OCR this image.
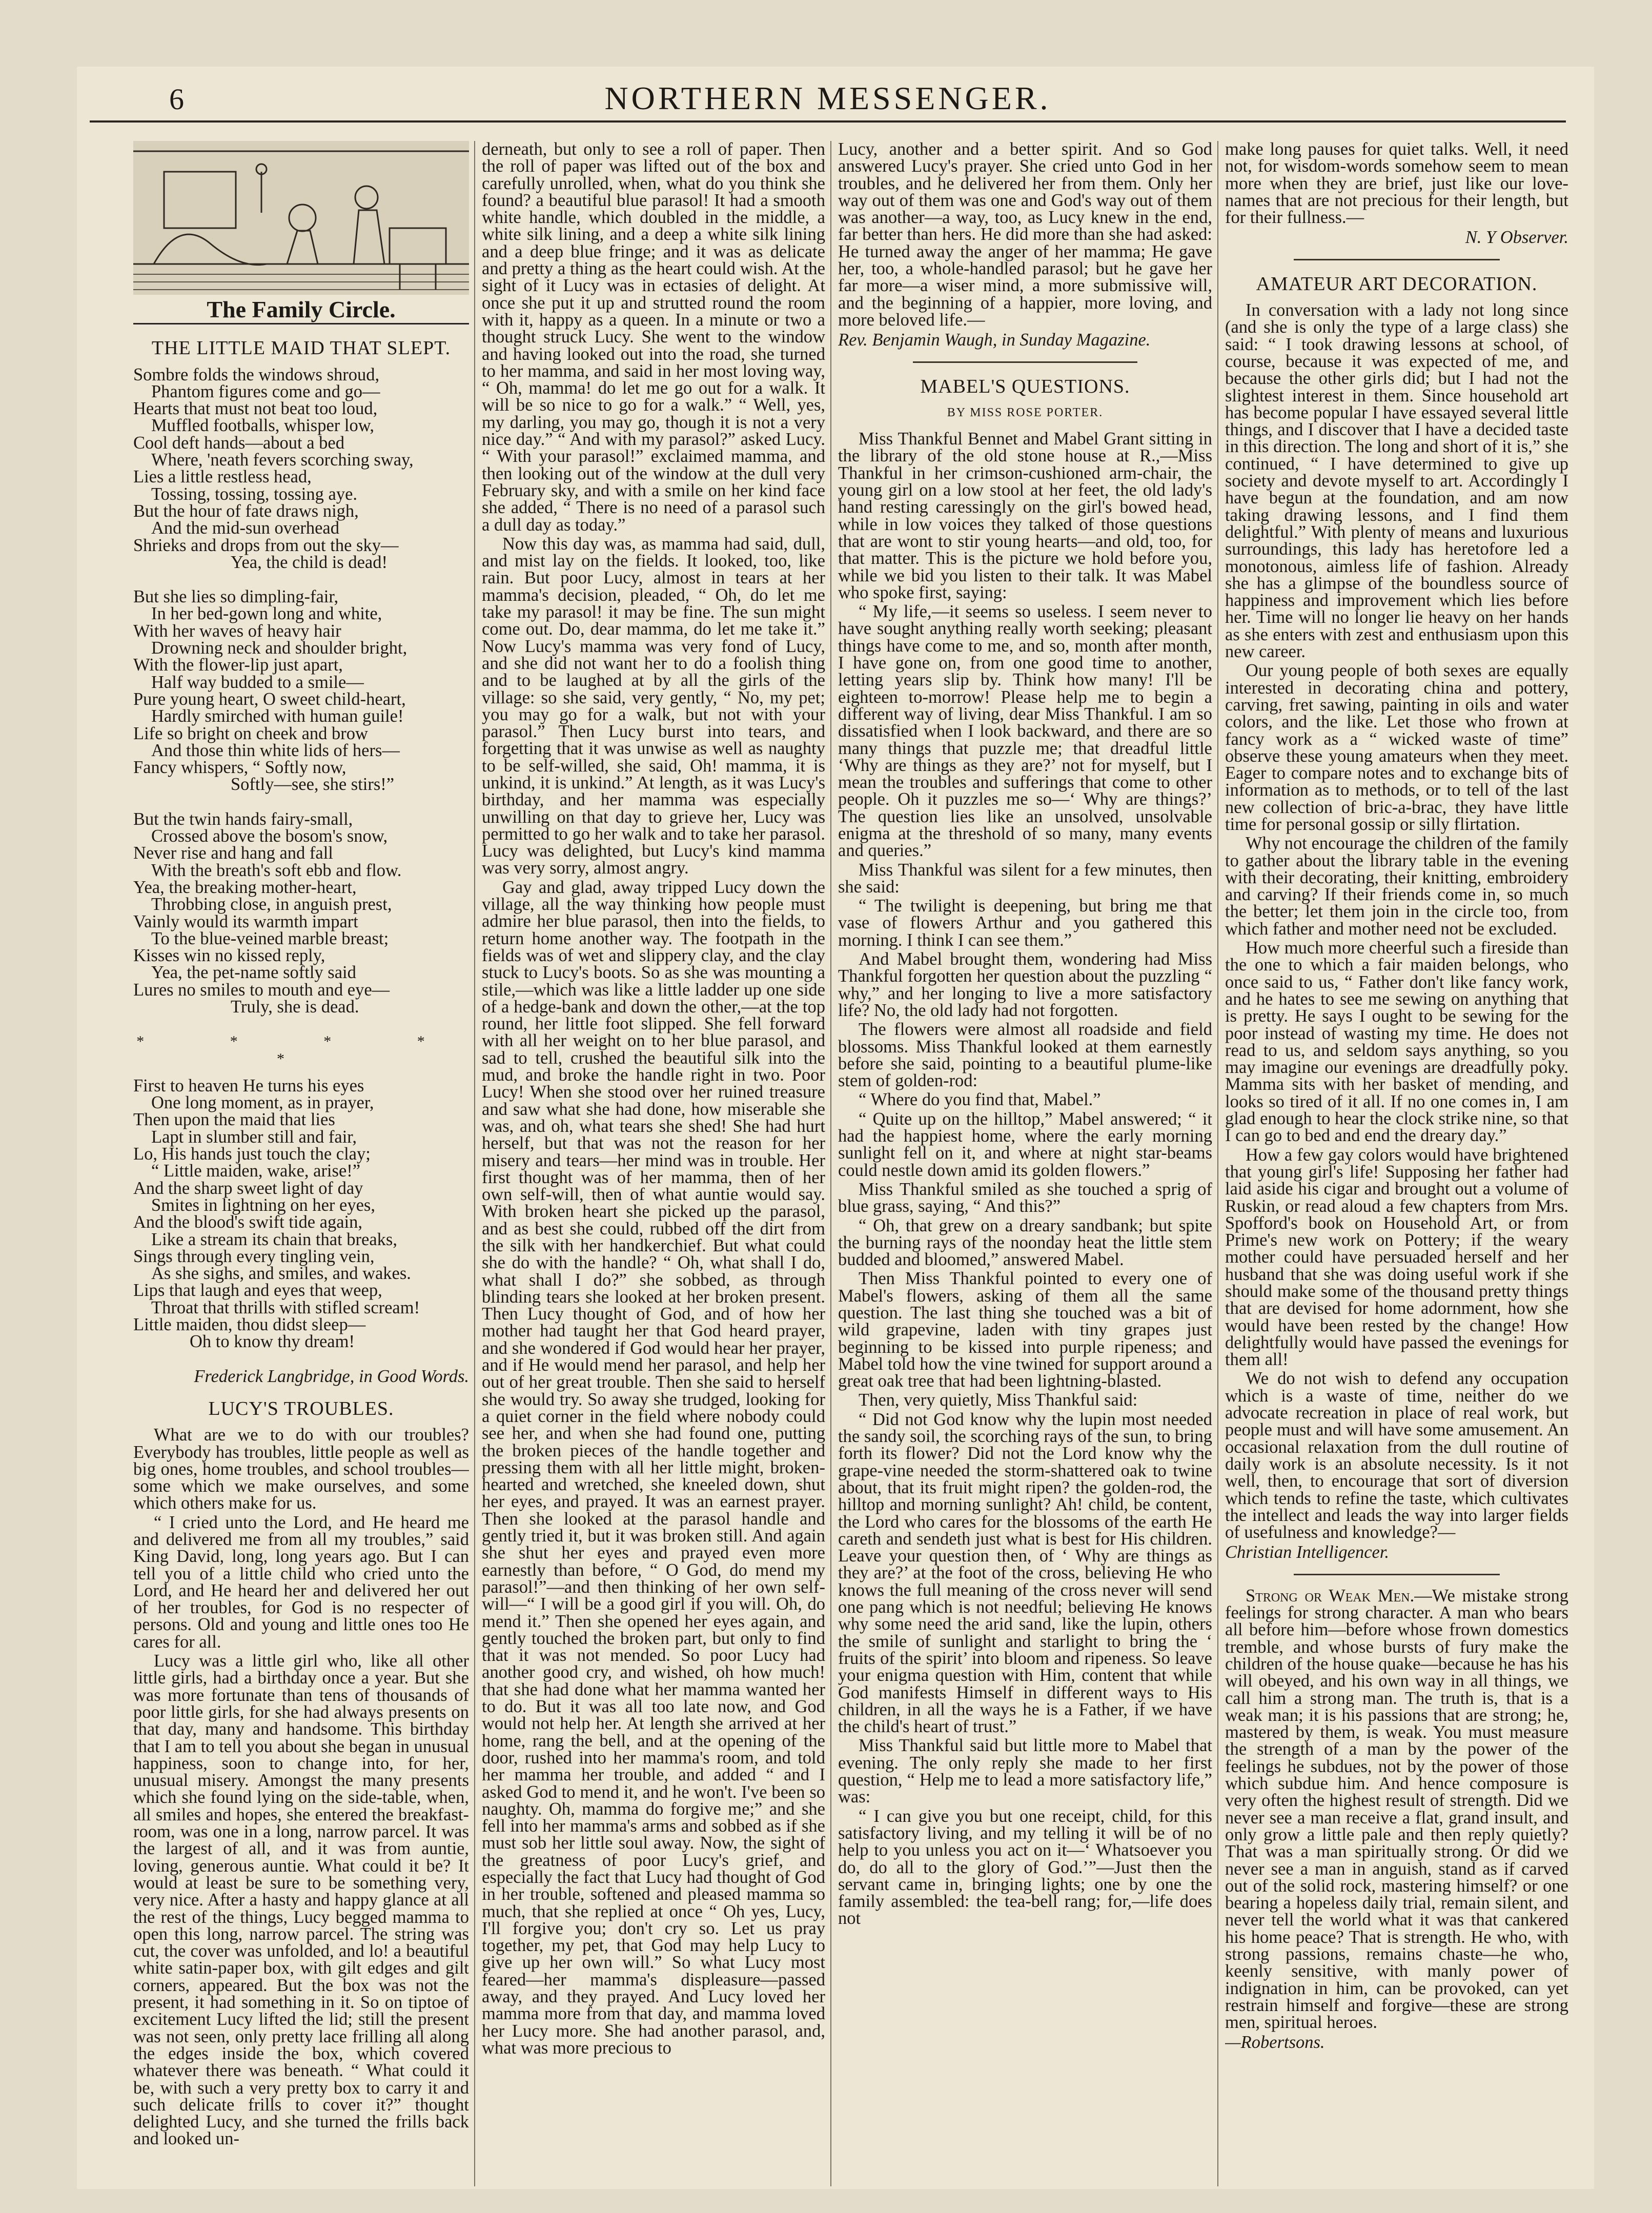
6	NORTHERN MESSENGER.
The Family Circle.
THE LITTLE MAID THAT SLEPT.
Sombre folds the windows shroud,
Phantom figures come and go—
Hearts that must not beat too loud,
Muffled footballs, whisper low,
Cool deft hands—about a bed
Where, 'neath fevers scorching sway,
Lies a little restless head,
Tossing, tossing, tossing aye.
But the hour of fate draws nigh,
And the mid-sun overhead
Shrieks and drops from out the sky—
Yea, the child is dead!
But she lies so dimpling-fair,
In her bed-gown long and white,
With her waves of heavy hair
Drowning neck and shoulder bright,
With the flower-lip just apart,
Half way budded to a smile—
Pure young heart, O sweet child-heart,
Hardly smirched with human guile!
Life so bright on cheek and brow
And those thin white lids of hers—
Fancy whispers, “ Softly now,
Softly—see, she stirs!”
But the twin hands fairy-small,
Crossed above the bosom's snow,
Never rise and hang and fall
With the breath's soft ebb and flow.
Yea, the breaking mother-heart,
Throbbing close, in anguish prest,
Vainly would its warmth impart
To the blue-veined marble breast;
Kisses win no kissed reply,
Yea, the pet-name softly said
Lures no smiles to mouth and eye—
Truly, she is dead.
* * * * *
First to heaven He turns his eyes
One long moment, as in prayer,
Then upon the maid that lies
Lapt in slumber still and fair,
Lo, His hands just touch the clay;
“ Little maiden, wake, arise!”
And the sharp sweet light of day
Smites in lightning on her eyes,
And the blood's swift tide again,
Like a stream its chain that breaks,
Sings through every tingling vein,
As she sighs, and smiles, and wakes.
Lips that laugh and eyes that weep,
Throat that thrills with stifled scream!
Little maiden, thou didst sleep—
Oh to know thy dream!
Frederick Langbridge, in Good Words.
LUCY'S TROUBLES.

What are we to do with our troubles? Everybody has troubles, little people as well as big ones, home troubles, and school troubles—some which we make ourselves, and some which others make for us.

“ I cried unto the Lord, and He heard me and delivered me from all my troubles,” said King David, long, long years ago. But I can tell you of a little child who cried unto the Lord, and He heard her and delivered her out of her troubles, for God is no respecter of persons. Old and young and little ones too He cares for all.

Lucy was a little girl who, like all other little girls, had a birthday once a year. But she was more fortunate than tens of thousands of poor little girls, for she had always presents on that day, many and handsome. This birthday that I am to tell you about she began in unusual happiness, soon to change into, for her, unusual misery. Amongst the many presents which she found lying on the side-table, when, all smiles and hopes, she entered the breakfast-room, was one in a long, narrow parcel. It was the largest of all, and it was from auntie, loving, generous auntie. What could it be? It would at least be sure to be something very, very nice. After a hasty and happy glance at all the rest of the things, Lucy begged mamma to open this long, narrow parcel. The string was cut, the cover was unfolded, and lo! a beautiful white satin-paper box, with gilt edges and gilt corners, appeared. But the box was not the present, it had something in it. So on tiptoe of excitement Lucy lifted the lid; still the present was not seen, only pretty lace frilling all along the edges inside the box, which covered whatever there was beneath. “ What could it be, with such a very pretty box to carry it and such delicate frills to cover it?” thought delighted Lucy, and she turned the frills back and looked un-

derneath, but only to see a roll of paper. Then the roll of paper was lifted out of the box and carefully unrolled, when, what do you think she found? a beautiful blue parasol! It had a smooth white handle, which doubled in the middle, a white silk lining, and a deep a white silk lining and a deep blue fringe; and it was as delicate and pretty a thing as the heart could wish. At the sight of it Lucy was in ectasies of delight. At once she put it up and strutted round the room with it, happy as a queen. In a minute or two a thought struck Lucy. She went to the window and having looked out into the road, she turned to her mamma, and said in her most loving way, “ Oh, mamma! do let me go out for a walk. It will be so nice to go for a walk.” “ Well, yes, my darling, you may go, though it is not a very nice day.” “ And with my parasol?” asked Lucy. “ With your parasol!” exclaimed mamma, and then looking out of the window at the dull very February sky, and with a smile on her kind face she added, “ There is no need of a parasol such a dull day as today.”

Now this day was, as mamma had said, dull, and mist lay on the fields. It looked, too, like rain. But poor Lucy, almost in tears at her mamma's decision, pleaded, “ Oh, do let me take my parasol! it may be fine. The sun might come out. Do, dear mamma, do let me take it.” Now Lucy's mamma was very fond of Lucy, and she did not want her to do a foolish thing and to be laughed at by all the girls of the village: so she said, very gently, “ No, my pet; you may go for a walk, but not with your parasol.” Then Lucy burst into tears, and forgetting that it was unwise as well as naughty to be self-willed, she said, Oh! mamma, it is unkind, it is unkind.” At length, as it was Lucy's birthday, and her mamma was especially unwilling on that day to grieve her, Lucy was permitted to go her walk and to take her parasol. Lucy was delighted, but Lucy's kind mamma was very sorry, almost angry.

Gay and glad, away tripped Lucy down the village, all the way thinking how people must admire her blue parasol, then into the fields, to return home another way. The footpath in the fields was of wet and slippery clay, and the clay stuck to Lucy's boots. So as she was mounting a stile,—which was like a little ladder up one side of a hedge-bank and down the other,—at the top round, her little foot slipped. She fell forward with all her weight on to her blue parasol, and sad to tell, crushed the beautiful silk into the mud, and broke the handle right in two. Poor Lucy! When she stood over her ruined treasure and saw what she had done, how miserable she was, and oh, what tears she shed! She had hurt herself, but that was not the reason for her misery and tears—her mind was in trouble. Her first thought was of her mamma, then of her own self-will, then of what auntie would say. With broken heart she picked up the parasol, and as best she could, rubbed off the dirt from the silk with her handkerchief. But what could she do with the handle? “ Oh, what shall I do, what shall I do?” she sobbed, as through blinding tears she looked at her broken present. Then Lucy thought of God, and of how her mother had taught her that God heard prayer, and she wondered if God would hear her prayer, and if He would mend her parasol, and help her out of her great trouble. Then she said to herself she would try. So away she trudged, looking for a quiet corner in the field where nobody could see her, and when she had found one, putting the broken pieces of the handle together and pressing them with all her little might, broken-hearted and wretched, she kneeled down, shut her eyes, and prayed. It was an earnest prayer. Then she looked at the parasol handle and gently tried it, but it was broken still. And again she shut her eyes and prayed even more earnestly than before, “ O God, do mend my parasol!”—and then thinking of her own self-will—“ I will be a good girl if you will. Oh, do mend it.” Then she opened her eyes again, and gently touched the broken part, but only to find that it was not mended. So poor Lucy had another good cry, and wished, oh how much! that she had done what her mamma wanted her to do. But it was all too late now, and God would not help her. At length she arrived at her home, rang the bell, and at the opening of the door, rushed into her mamma's room, and told her mamma her trouble, and added “ and I asked God to mend it, and he won't. I've been so naughty. Oh, mamma do forgive me;” and she fell into her mamma's arms and sobbed as if she must sob her little soul away. Now, the sight of the greatness of poor Lucy's grief, and especially the fact that Lucy had thought of God in her trouble, softened and pleased mamma so much, that she replied at once “ Oh yes, Lucy, I'll forgive you; don't cry so. Let us pray together, my pet, that God may help Lucy to give up her own will.” So what Lucy most feared—her mamma's displeasure—passed away, and they prayed. And Lucy loved her mamma more from that day, and mamma loved her Lucy more. She had another parasol, and, what was more precious to

Lucy, another and a better spirit. And so God answered Lucy's prayer. She cried unto God in her troubles, and he delivered her from them. Only her way out of them was one and God's way out of them was another—a way, too, as Lucy knew in the end, far better than hers. He did more than she had asked: He turned away the anger of her mamma; He gave her, too, a whole-handled parasol; but he gave her far more—a wiser mind, a more submissive will, and the beginning of a happier, more loving, and more beloved life.—

Rev. Benjamin Waugh, in Sunday Magazine.
MABEL'S QUESTIONS.
BY MISS ROSE PORTER.

Miss Thankful Bennet and Mabel Grant sitting in the library of the old stone house at R.,—Miss Thankful in her crimson-cushioned arm-chair, the young girl on a low stool at her feet, the old lady's hand resting caressingly on the girl's bowed head, while in low voices they talked of those questions that are wont to stir young hearts—and old, too, for that matter. This is the picture we hold before you, while we bid you listen to their talk. It was Mabel who spoke first, saying:

“ My life,—it seems so useless. I seem never to have sought anything really worth seeking; pleasant things have come to me, and so, month after month, I have gone on, from one good time to another, letting years slip by. Think how many! I'll be eighteen to-morrow! Please help me to begin a different way of living, dear Miss Thankful. I am so dissatisfied when I look backward, and there are so many things that puzzle me; that dreadful little ‘Why are things as they are?’ not for myself, but I mean the troubles and sufferings that come to other people. Oh it puzzles me so—‘ Why are things?’ The question lies like an unsolved, unsolvable enigma at the threshold of so many, many events and queries.”

Miss Thankful was silent for a few minutes, then she said:

“ The twilight is deepening, but bring me that vase of flowers Arthur and you gathered this morning. I think I can see them.”

And Mabel brought them, wondering had Miss Thankful forgotten her question about the puzzling “ why,” and her longing to live a more satisfactory life? No, the old lady had not forgotten.

The flowers were almost all roadside and field blossoms. Miss Thankful looked at them earnestly before she said, pointing to a beautiful plume-like stem of golden-rod:

“ Where do you find that, Mabel.”

“ Quite up on the hilltop,” Mabel answered; “ it had the happiest home, where the early morning sunlight fell on it, and where at night star-beams could nestle down amid its golden flowers.”

Miss Thankful smiled as she touched a sprig of blue grass, saying, “ And this?”

“ Oh, that grew on a dreary sandbank; but spite the burning rays of the noonday heat the little stem budded and bloomed,” answered Mabel.

Then Miss Thankful pointed to every one of Mabel's flowers, asking of them all the same question. The last thing she touched was a bit of wild grapevine, laden with tiny grapes just beginning to be kissed into purple ripeness; and Mabel told how the vine twined for support around a great oak tree that had been lightning-blasted.

Then, very quietly, Miss Thankful said:

“ Did not God know why the lupin most needed the sandy soil, the scorching rays of the sun, to bring forth its flower? Did not the Lord know why the grape-vine needed the storm-shattered oak to twine about, that its fruit might ripen? the golden-rod, the hilltop and morning sunlight? Ah! child, be content, the Lord who cares for the blossoms of the earth He careth and sendeth just what is best for His children. Leave your question then, of ‘ Why are things as they are?’ at the foot of the cross, believing He who knows the full meaning of the cross never will send one pang which is not needful; believing He knows why some need the arid sand, like the lupin, others the smile of sunlight and starlight to bring the ‘ fruits of the spirit’ into bloom and ripeness. So leave your enigma question with Him, content that while God manifests Himself in different ways to His children, in all the ways he is a Father, if we have the child's heart of trust.”

Miss Thankful said but little more to Mabel that evening. The only reply she made to her first question, “ Help me to lead a more satisfactory life,” was:

“ I can give you but one receipt, child, for this satisfactory living, and my telling it will be of no help to you unless you act on it—‘ Whatsoever you do, do all to the glory of God.’”—Just then the servant came in, bringing lights; one by one the family assembled: the tea-bell rang; for,—life does not

make long pauses for quiet talks. Well, it need not, for wisdom-words somehow seem to mean more when they are brief, just like our love-names that are not precious for their length, but for their fullness.—

N. Y Observer.
AMATEUR ART DECORATION.

In conversation with a lady not long since (and she is only the type of a large class) she said: “ I took drawing lessons at school, of course, because it was expected of me, and because the other girls did; but I had not the slightest interest in them. Since household art has become popular I have essayed several little things, and I discover that I have a decided taste in this direction. The long and short of it is,” she continued, “ I have determined to give up society and devote myself to art. Accordingly I have begun at the foundation, and am now taking drawing lessons, and I find them delightful.” With plenty of means and luxurious surroundings, this lady has heretofore led a monotonous, aimless life of fashion. Already she has a glimpse of the boundless source of happiness and improvement which lies before her. Time will no longer lie heavy on her hands as she enters with zest and enthusiasm upon this new career.

Our young people of both sexes are equally interested in decorating china and pottery, carving, fret sawing, painting in oils and water colors, and the like. Let those who frown at fancy work as a “ wicked waste of time” observe these young amateurs when they meet. Eager to compare notes and to exchange bits of information as to methods, or to tell of the last new collection of bric-a-brac, they have little time for personal gossip or silly flirtation.

Why not encourage the children of the family to gather about the library table in the evening with their decorating, their knitting, embroidery and carving? If their friends come in, so much the better; let them join in the circle too, from which father and mother need not be excluded.

How much more cheerful such a fireside than the one to which a fair maiden belongs, who once said to us, “ Father don't like fancy work, and he hates to see me sewing on anything that is pretty. He says I ought to be sewing for the poor instead of wasting my time. He does not read to us, and seldom says anything, so you may imagine our evenings are dreadfully poky. Mamma sits with her basket of mending, and looks so tired of it all. If no one comes in, I am glad enough to hear the clock strike nine, so that I can go to bed and end the dreary day.”

How a few gay colors would have brightened that young girl's life! Supposing her father had laid aside his cigar and brought out a volume of Ruskin, or read aloud a few chapters from Mrs. Spofford's book on Household Art, or from Prime's new work on Pottery; if the weary mother could have persuaded herself and her husband that she was doing useful work if she should make some of the thousand pretty things that are devised for home adornment, how she would have been rested by the change! How delightfully would have passed the evenings for them all!

We do not wish to defend any occupation which is a waste of time, neither do we advocate recreation in place of real work, but people must and will have some amusement. An occasional relaxation from the dull routine of daily work is an absolute necessity. Is it not well, then, to encourage that sort of diversion which tends to refine the taste, which cultivates the intellect and leads the way into larger fields of usefulness and knowledge?—

Christian Intelligencer.

Strong or Weak Men.—We mistake strong feelings for strong character. A man who bears all before him—before whose frown domestics tremble, and whose bursts of fury make the children of the house quake—because he has his will obeyed, and his own way in all things, we call him a strong man. The truth is, that is a weak man; it is his passions that are strong; he, mastered by them, is weak. You must measure the strength of a man by the power of the feelings he subdues, not by the power of those which subdue him. And hence composure is very often the highest result of strength. Did we never see a man receive a flat, grand insult, and only grow a little pale and then reply quietly? That was a man spiritually strong. Or did we never see a man in anguish, stand as if carved out of the solid rock, mastering himself? or one bearing a hopeless daily trial, remain silent, and never tell the world what it was that cankered his home peace? That is strength. He who, with strong passions, remains chaste—he who, keenly sensitive, with manly power of indignation in him, can be provoked, can yet restrain himself and forgive—these are strong men, spiritual heroes.

—Robertsons.
